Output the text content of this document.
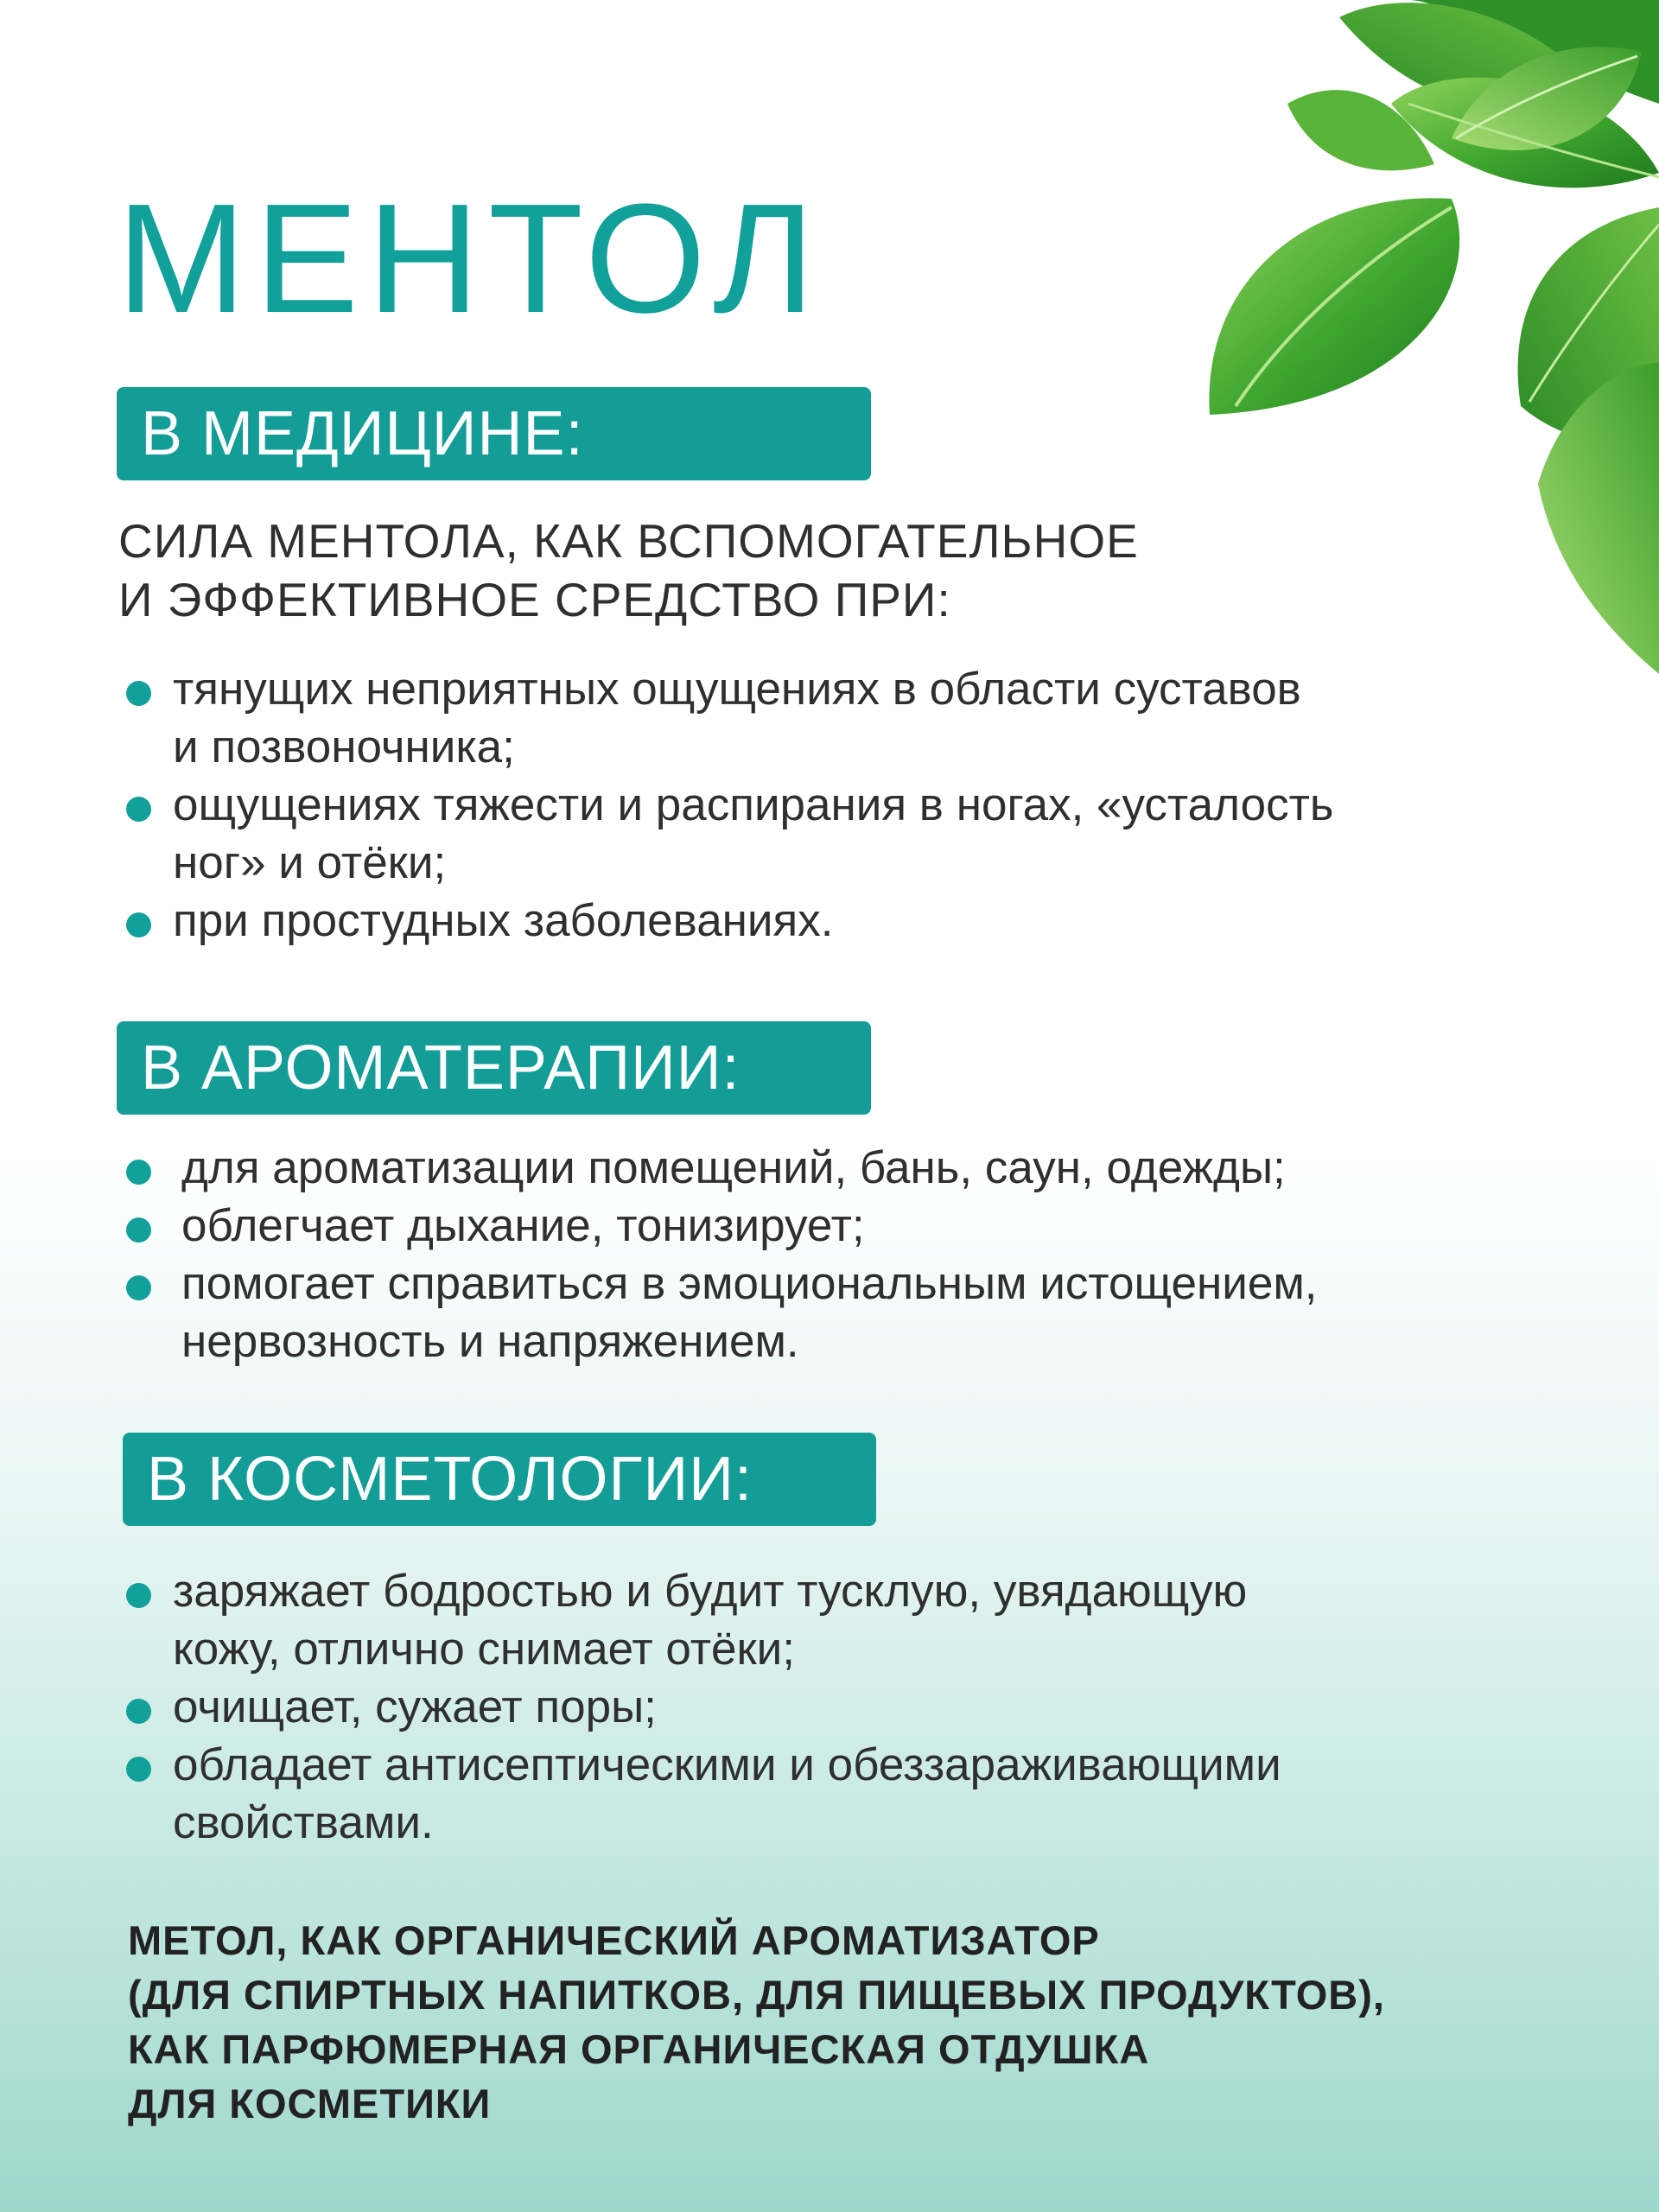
МЕНТОЛ
В МЕДИЦИНЕ:

СИЛА МЕНТОЛА, КАК ВСПОМОГАТЕЛЬНОЕ
И ЭФФЕКТИВНОЕ СРЕДСТВО ПРИ:

тянущих неприятных ощущениях в области суставов
и позвоночника;
ощущениях тяжести и распирания в ногах, «усталость
ног» и отёки;
при простудных заболеваниях.
В АРОМАТЕРАПИИ:
для ароматизации помещений, бань, саун, одежды;
облегчает дыхание, тонизирует;
помогает справиться в эмоциональным истощением,
нервозность и напряжением.
В КОСМЕТОЛОГИИ:
заряжает бодростью и будит тусклую, увядающую
кожу, отлично снимает отёки;
очищает, сужает поры;
обладает антисептическими и обеззараживающими
свойствами.

МЕТОЛ, КАК ОРГАНИЧЕСКИЙ АРОМАТИЗАТОР
(ДЛЯ СПИРТНЫХ НАПИТКОВ, ДЛЯ ПИЩЕВЫХ ПРОДУКТОВ),
КАК ПАРФЮМЕРНАЯ ОРГАНИЧЕСКАЯ ОТДУШКА
ДЛЯ КОСМЕТИКИ
